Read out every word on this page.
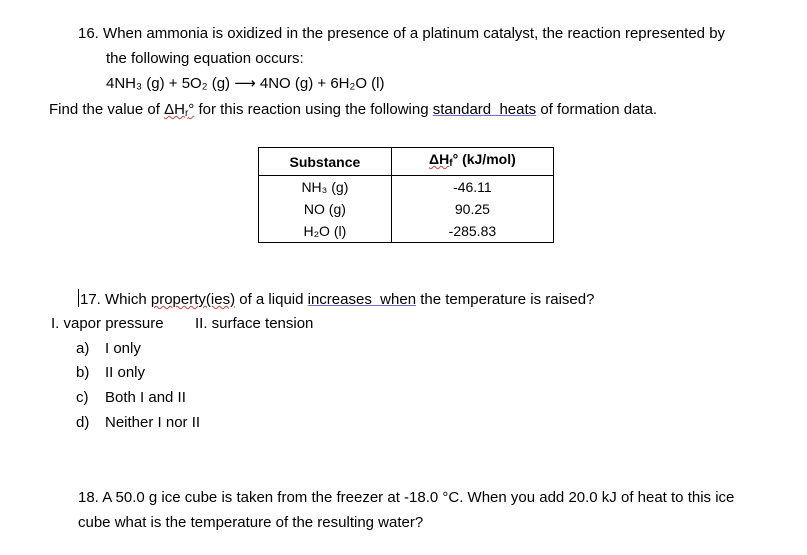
16. When ammonia is oxidized in the presence of a platinum catalyst, the reaction represented by
the following equation occurs:
4NH₃ (g) + 5O₂ (g) ⟶ 4NO (g) + 6H₂O (l)
Find the value of $\Delta H_r^\circ$ for this reaction using the following standard heats of formation data.
Substance	$\Delta H_f^\circ$ (kJ/mol)
NH₃ (g)	-46.11
NO (g)	90.25
H₂O (l)	-285.83
17. Which property(ies) of a liquid increases when the temperature is raised?
I. vapor pressure II. surface tension
a) I only
b) II only
c) Both I and II
d) Neither I nor II
18. A 50.0 g ice cube is taken from the freezer at -18.0 °C. When you add 20.0 kJ of heat to this ice
cube what is the temperature of the resulting water?
